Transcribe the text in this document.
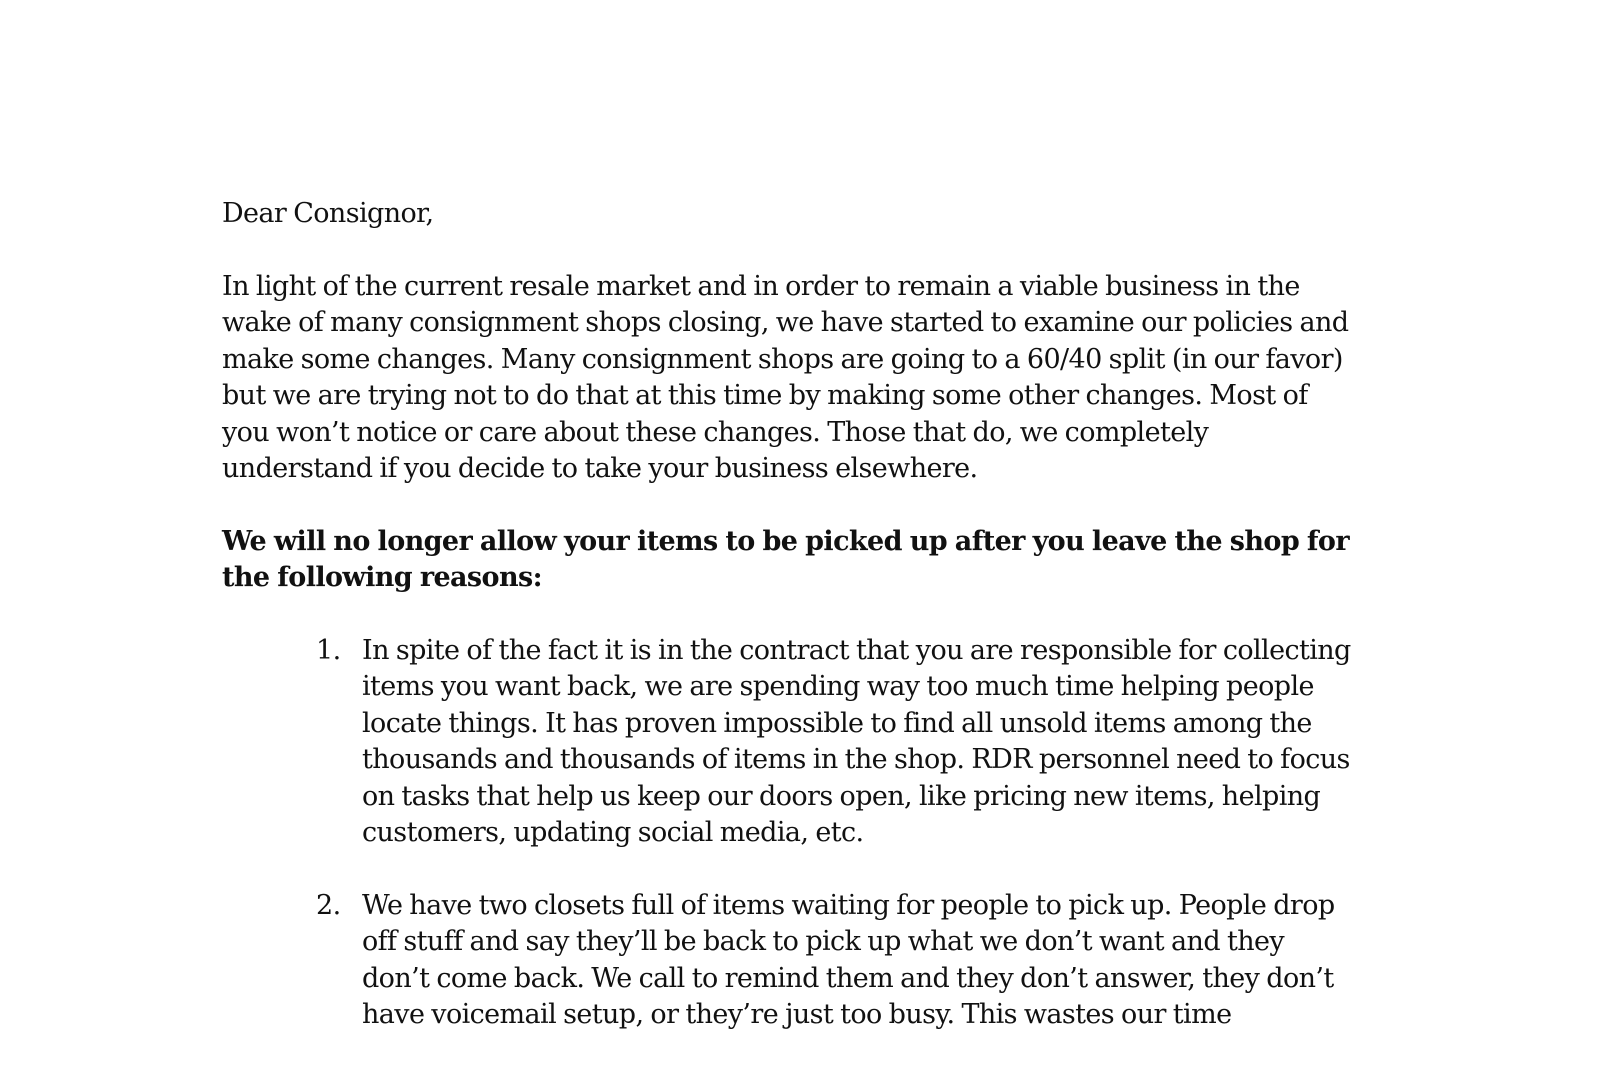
Dear Consignor,

In light of the current resale market and in order to remain a viable business in the wake of many consignment shops closing, we have started to examine our policies and make some changes. Many consignment shops are going to a 60/40 split (in our favor) but we are trying not to do that at this time by making some other changes. Most of you won’t notice or care about these changes. Those that do, we completely understand if you decide to take your business elsewhere.

We will no longer allow your items to be picked up after you leave the shop for the following reasons:

1. In spite of the fact it is in the contract that you are responsible for collecting items you want back, we are spending way too much time helping people locate things. It has proven impossible to find all unsold items among the thousands and thousands of items in the shop. RDR personnel need to focus on tasks that help us keep our doors open, like pricing new items, helping customers, updating social media, etc.
2. We have two closets full of items waiting for people to pick up. People drop off stuff and say they’ll be back to pick up what we don’t want and they don’t come back. We call to remind them and they don’t answer, they don’t have voicemail setup, or they’re just too busy. This wastes our time
